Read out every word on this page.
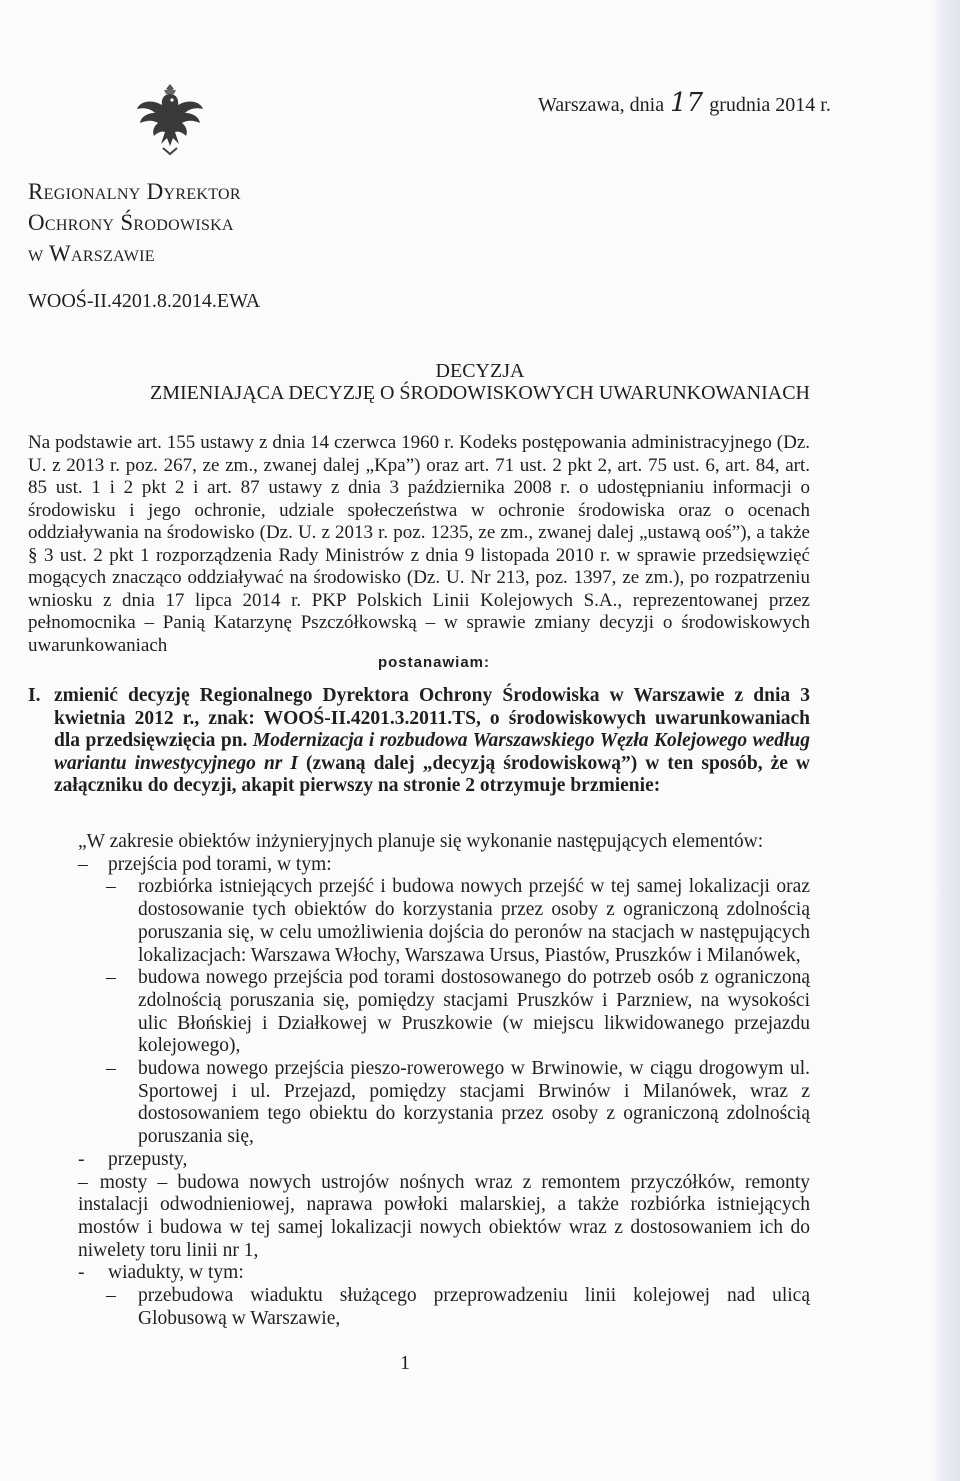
Warszawa, dnia 17 grudnia 2014 r.
Regionalny Dyrektor
Ochrony Środowiska
w Warszawie
WOOŚ-II.4201.8.2014.EWA
DECYZJA
ZMIENIAJĄCA DECYZJĘ O ŚRODOWISKOWYCH UWARUNKOWANIACH
Na podstawie art. 155 ustawy z dnia 14 czerwca 1960 r. Kodeks postępowania administracyjnego (Dz. U. z 2013 r. poz. 267, ze zm., zwanej dalej „Kpa”) oraz art. 71 ust. 2 pkt 2, art. 75 ust. 6, art. 84, art. 85 ust. 1 i 2 pkt 2 i art. 87 ustawy z dnia 3 października 2008 r. o udostępnianiu informacji o środowisku i jego ochronie, udziale społeczeństwa w ochronie środowiska oraz o ocenach oddziaływania na środowisko (Dz. U. z 2013 r. poz. 1235, ze zm., zwanej dalej „ustawą ooś”), a także § 3 ust. 2 pkt 1 rozporządzenia Rady Ministrów z dnia 9 listopada 2010 r. w sprawie przedsięwzięć mogących znacząco oddziaływać na środowisko (Dz. U. Nr 213, poz. 1397, ze zm.), po rozpatrzeniu wniosku z dnia 17 lipca 2014 r. PKP Polskich Linii Kolejowych S.A., reprezentowanej przez pełnomocnika – Panią Katarzynę Pszczółkowską – w sprawie zmiany decyzji o środowiskowych uwarunkowaniach
postanawiam:
I. zmienić decyzję Regionalnego Dyrektora Ochrony Środowiska w Warszawie z dnia 3 kwietnia 2012 r., znak: WOOŚ-II.4201.3.2011.TS, o środowiskowych uwarunkowaniach dla przedsięwzięcia pn. Modernizacja i rozbudowa Warszawskiego Węzła Kolejowego według wariantu inwestycyjnego nr I (zwaną dalej „decyzją środowiskową”) w ten sposób, że w załączniku do decyzji, akapit pierwszy na stronie 2 otrzymuje brzmienie:

„W zakresie obiektów inżynieryjnych planuje się wykonanie następujących elementów:

– przejścia pod torami, w tym:

– rozbiórka istniejących przejść i budowa nowych przejść w tej samej lokalizacji oraz dostosowanie tych obiektów do korzystania przez osoby z ograniczoną zdolnością poruszania się, w celu umożliwienia dojścia do peronów na stacjach w następujących lokalizacjach: Warszawa Włochy, Warszawa Ursus, Piastów, Pruszków i Milanówek,

– budowa nowego przejścia pod torami dostosowanego do potrzeb osób z ograniczoną zdolnością poruszania się, pomiędzy stacjami Pruszków i Parzniew, na wysokości ulic Błońskiej i Działkowej w Pruszkowie (w miejscu likwidowanego przejazdu kolejowego),

– budowa nowego przejścia pieszo-rowerowego w Brwinowie, w ciągu drogowym ul. Sportowej i ul. Przejazd, pomiędzy stacjami Brwinów i Milanówek, wraz z dostosowaniem tego obiektu do korzystania przez osoby z ograniczoną zdolnością poruszania się,

- przepusty,

– mosty – budowa nowych ustrojów nośnych wraz z remontem przyczółków, remonty instalacji odwodnieniowej, naprawa powłoki malarskiej, a także rozbiórka istniejących mostów i budowa w tej samej lokalizacji nowych obiektów wraz z dostosowaniem ich do niwelety toru linii nr 1,

- wiadukty, w tym:

– przebudowa wiaduktu służącego przeprowadzeniu linii kolejowej nad ulicą Globusową w Warszawie,

1
